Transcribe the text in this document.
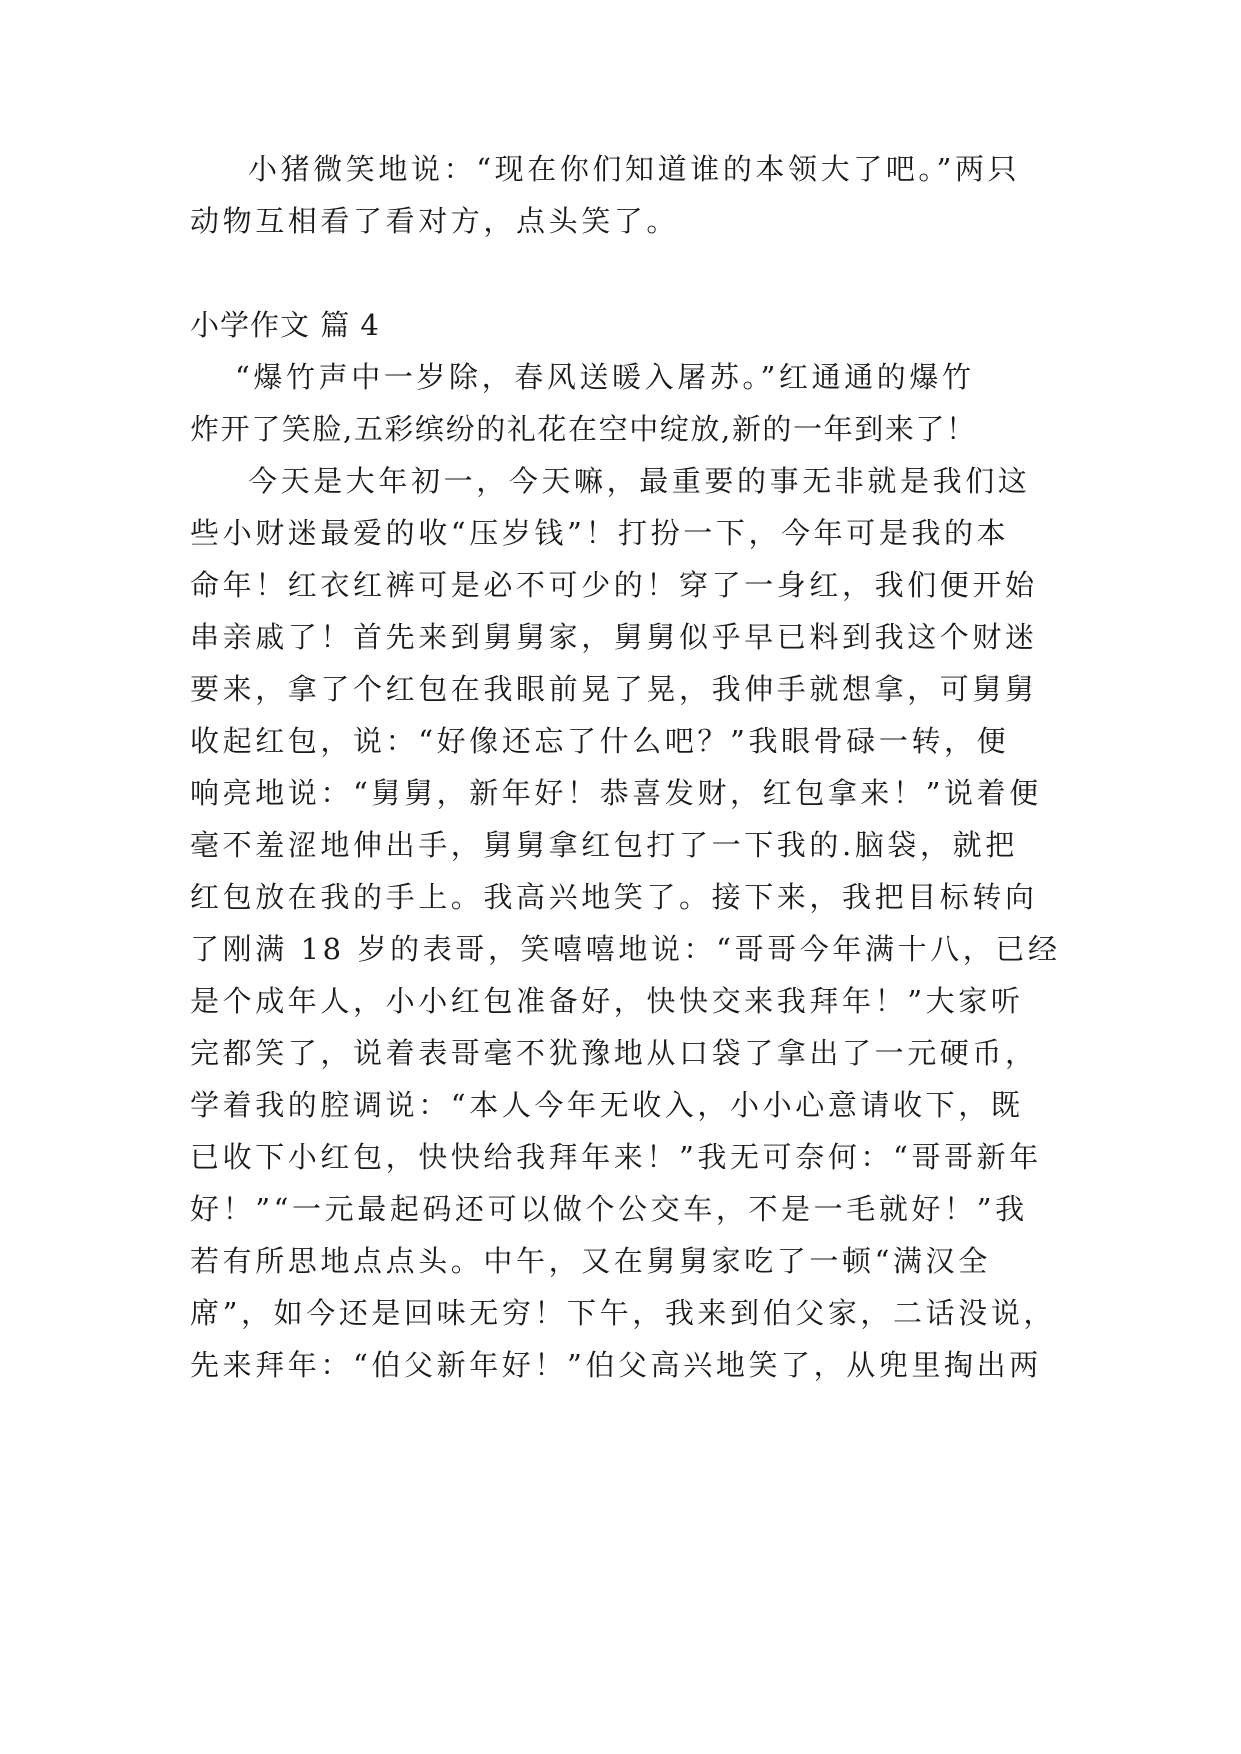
小猪微笑地说：“现在你们知道谁的本领大了吧。”两只
动物互相看了看对方，点头笑了。
小学作文 篇 4
“爆竹声中一岁除，春风送暖入屠苏。”红通通的爆竹
炸开了笑脸,五彩缤纷的礼花在空中绽放,新的一年到来了！
今天是大年初一，今天嘛，最重要的事无非就是我们这
些小财迷最爱的收“压岁钱”！打扮一下，今年可是我的本
命年！红衣红裤可是必不可少的！穿了一身红，我们便开始
串亲戚了！首先来到舅舅家，舅舅似乎早已料到我这个财迷
要来，拿了个红包在我眼前晃了晃，我伸手就想拿，可舅舅
收起红包，说：“好像还忘了什么吧？”我眼骨碌一转，便
响亮地说：“舅舅，新年好！恭喜发财，红包拿来！”说着便
毫不羞涩地伸出手，舅舅拿红包打了一下我的.脑袋，就把
红包放在我的手上。我高兴地笑了。接下来，我把目标转向
了刚满 18 岁的表哥，笑嘻嘻地说：“哥哥今年满十八，已经
是个成年人，小小红包准备好，快快交来我拜年！”大家听
完都笑了，说着表哥毫不犹豫地从口袋了拿出了一元硬币，
学着我的腔调说：“本人今年无收入，小小心意请收下，既
已收下小红包，快快给我拜年来！”我无可奈何：“哥哥新年
好！”“一元最起码还可以做个公交车，不是一毛就好！”我
若有所思地点点头。中午，又在舅舅家吃了一顿“满汉全
席”，如今还是回味无穷！下午，我来到伯父家，二话没说，
先来拜年：“伯父新年好！”伯父高兴地笑了，从兜里掏出两
